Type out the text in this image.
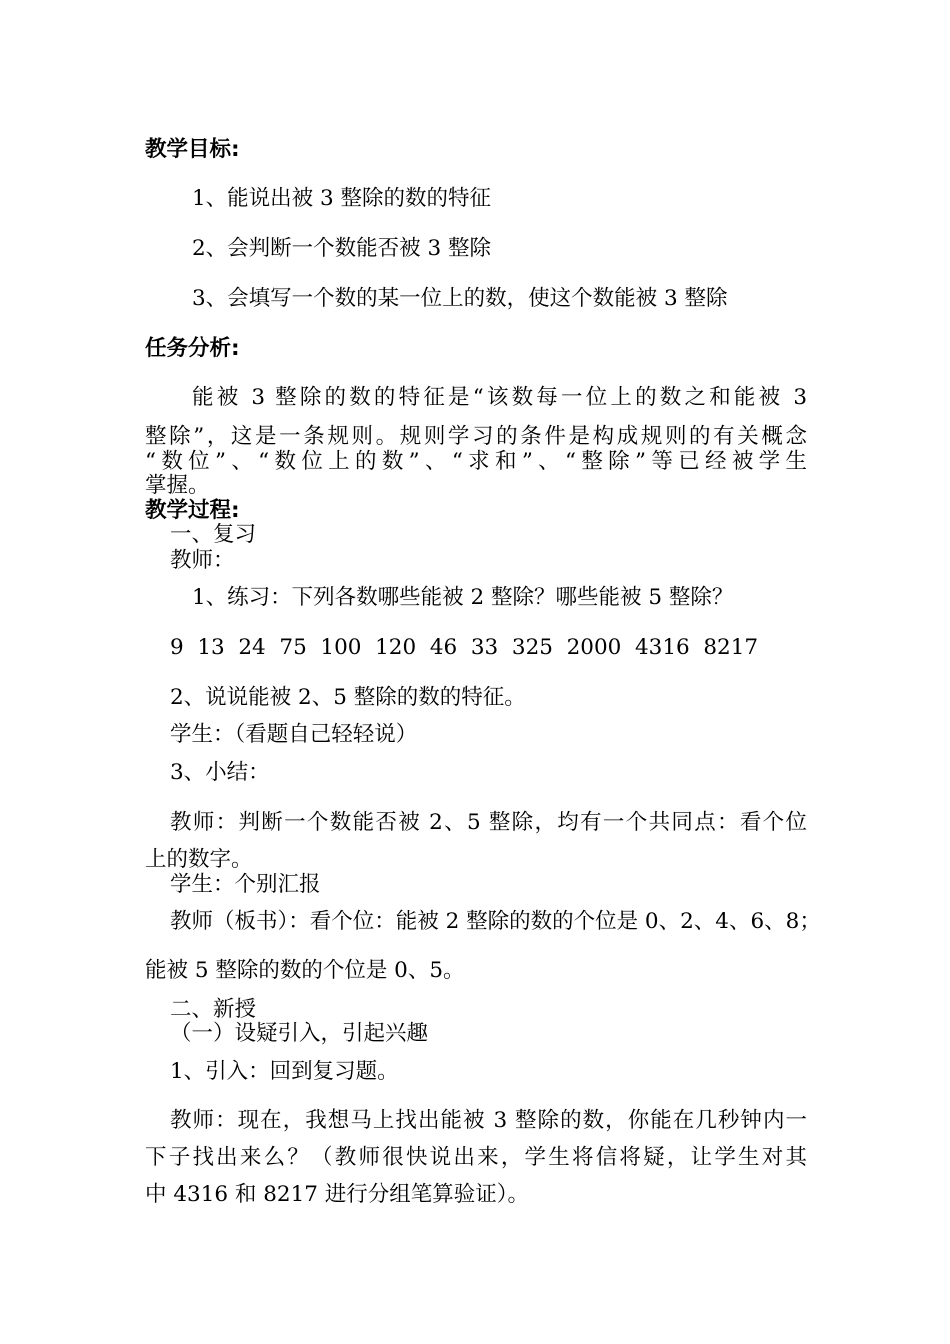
教学目标:
1、能说出被 3 整除的数的特征
2、会判断一个数能否被 3 整除
3、会填写一个数的某一位上的数，使这个数能被 3 整除
任务分析:
能被 3 整除的数的特征是“该数每一位上的数之和能被 3
整除”，这是一条规则。规则学习的条件是构成规则的有关概念
“数位”、“数位上的数”、“求和”、“整除”等已经被学生
掌握。
教学过程:
一、复习
教师：
1、练习：下列各数哪些能被 2 整除？哪些能被 5 整除？
9  13  24  75  100  120  46  33  325  2000  4316  8217
2、说说能被 2、5 整除的数的特征。
学生：（看题自己轻轻说）
3、小结：
教师：判断一个数能否被 2、5 整除，均有一个共同点：看个位
上的数字。
学生：个别汇报
教师（板书）：看个位：能被 2 整除的数的个位是 0、2、4、6、8；
能被 5 整除的数的个位是 0、5。
二、新授
（一）设疑引入，引起兴趣
1、引入：回到复习题。
教师：现在，我想马上找出能被 3 整除的数，你能在几秒钟内一
下子找出来么？（教师很快说出来，学生将信将疑，让学生对其
中 4316 和 8217 进行分组笔算验证）。
